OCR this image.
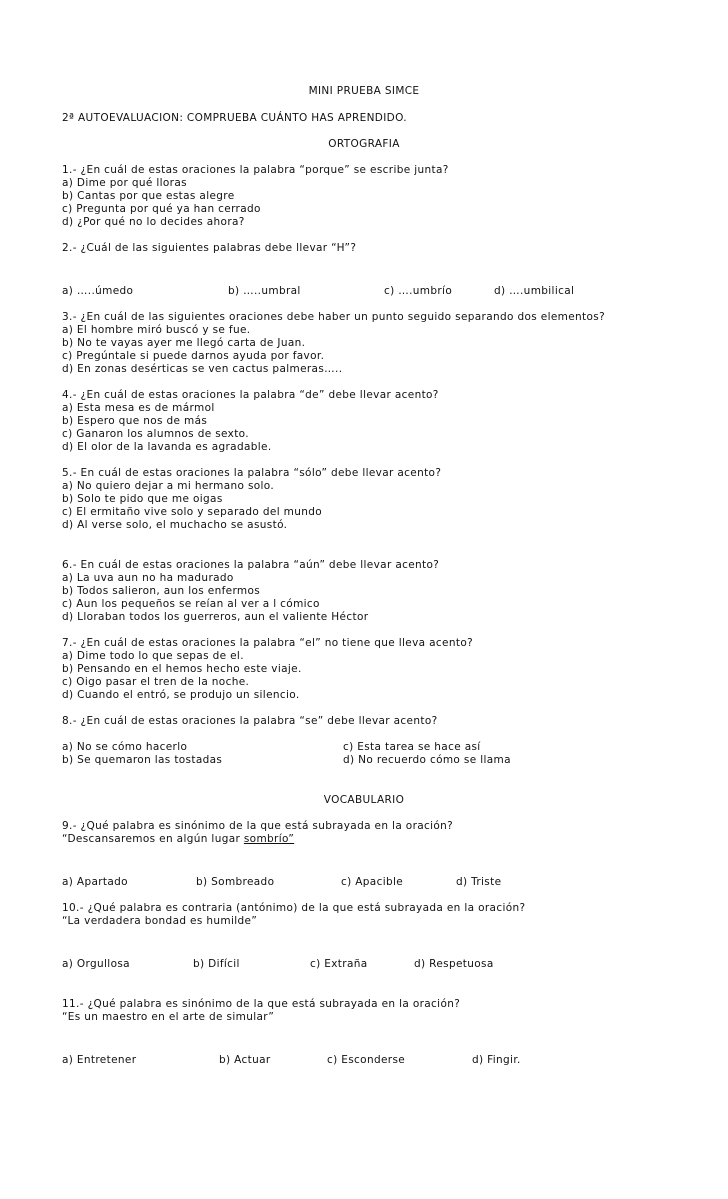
MINI PRUEBA SIMCE
2ª AUTOEVALUACION: COMPRUEBA CUÁNTO HAS APRENDIDO.
ORTOGRAFIA
1.- ¿En cuál de estas oraciones la palabra “porque” se escribe junta?
a) Dime por qué lloras
b) Cantas por que estas alegre
c) Pregunta por qué ya han cerrado
d) ¿Por qué no lo decides ahora?
2.- ¿Cuál de las siguientes palabras debe llevar “H”?
a) …..úmedo	b) …..umbral	c) ….umbrío	d) ….umbilical
3.- ¿En cuál de las siguientes oraciones debe haber un punto seguido separando dos elementos?
a) El hombre miró buscó y se fue.
b) No te vayas ayer me llegó carta de Juan.
c) Pregúntale si puede darnos ayuda por favor.
d) En zonas desérticas se ven cactus palmeras…..
4.- ¿En cuál de estas oraciones la palabra “de” debe llevar acento?
a) Esta mesa es de mármol
b) Espero que nos de más
c) Ganaron los alumnos de sexto.
d) El olor de la lavanda es agradable.
5.- En cuál de estas oraciones la palabra “sólo” debe llevar acento?
a) No quiero dejar a mi hermano solo.
b) Solo te pido que me oigas
c) El ermitaño vive solo y separado del mundo
d) Al verse solo, el muchacho se asustó.
6.- En cuál de estas oraciones la palabra “aún” debe llevar acento?
a) La uva aun no ha madurado
b) Todos salieron, aun los enfermos
c) Aun los pequeños se reían al ver a l cómico
d) Lloraban todos los guerreros, aun el valiente Héctor
7.- ¿En cuál de estas oraciones la palabra “el” no tiene que lleva acento?
a) Dime todo lo que sepas de el.
b) Pensando en el hemos hecho este viaje.
c) Oigo pasar el tren de la noche.
d) Cuando el entró, se produjo un silencio.
8.- ¿En cuál de estas oraciones la palabra “se” debe llevar acento?
a) No se cómo hacerlo
b) Se quemaron las tostadas
c) Esta tarea se hace así
d) No recuerdo cómo se llama
VOCABULARIO
9.- ¿Qué palabra es sinónimo de la que está subrayada en la oración?
“Descansaremos en algún lugar sombrío”
a) Apartado	b) Sombreado	c) Apacible	d) Triste
10.- ¿Qué palabra es contraria (antónimo) de la que está subrayada en la oración?
“La verdadera bondad es humilde”
a) Orgullosa	b) Difícil	c) Extraña	d) Respetuosa
11.- ¿Qué palabra es sinónimo de la que está subrayada en la oración?
“Es un maestro en el arte de simular”
a) Entretener	b) Actuar	c) Esconderse	d) Fingir.
